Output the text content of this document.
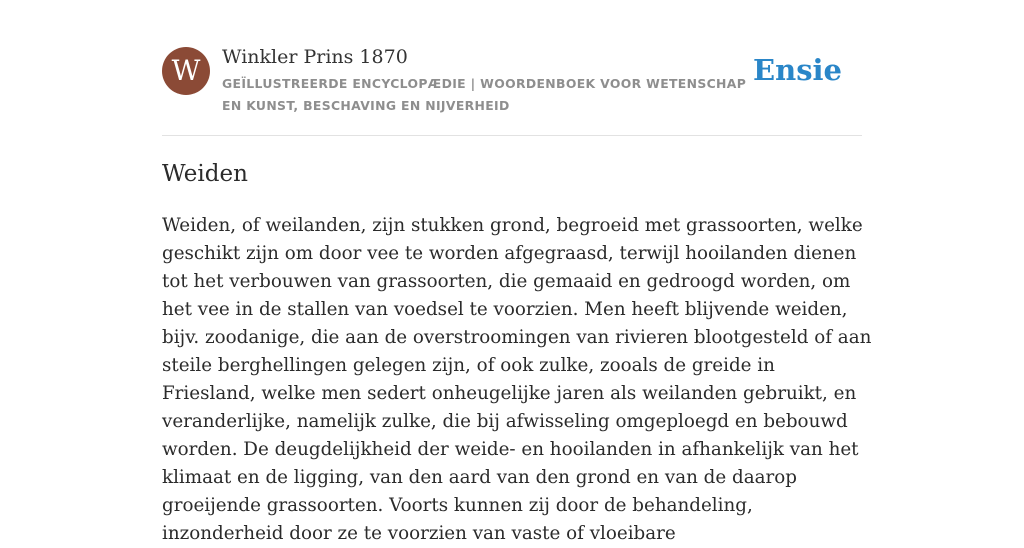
W Winkler Prins 1870
GEÏLLUSTREERDE ENCYCLOPÆDIE | WOORDENBOEK VOOR WETENSCHAP EN KUNST, BESCHAVING EN NIJVERHEID
Ensie
Weiden

Weiden, of weilanden, zijn stukken grond, begroeid met grassoorten, welke geschikt zijn om door vee te worden afgegraasd, terwijl hooilanden dienen tot het verbouwen van grassoorten, die gemaaid en gedroogd worden, om het vee in de stallen van voedsel te voorzien. Men heeft blijvende weiden, bijv. zoodanige, die aan de overstroomingen van rivieren blootgesteld of aan steile berghellingen gelegen zijn, of ook zulke, zooals de greide in Friesland, welke men sedert onheugelijke jaren als weilanden gebruikt, en veranderlijke, namelijk zulke, die bij afwisseling omgeploegd en bebouwd worden. De deugdelijkheid der weide- en hooilanden in afhankelijk van het klimaat en de ligging, van den aard van den grond en van de daarop groeijende grassoorten. Voorts kunnen zij door de behandeling, inzonderheid door ze te voorzien van vaste of vloeibare
